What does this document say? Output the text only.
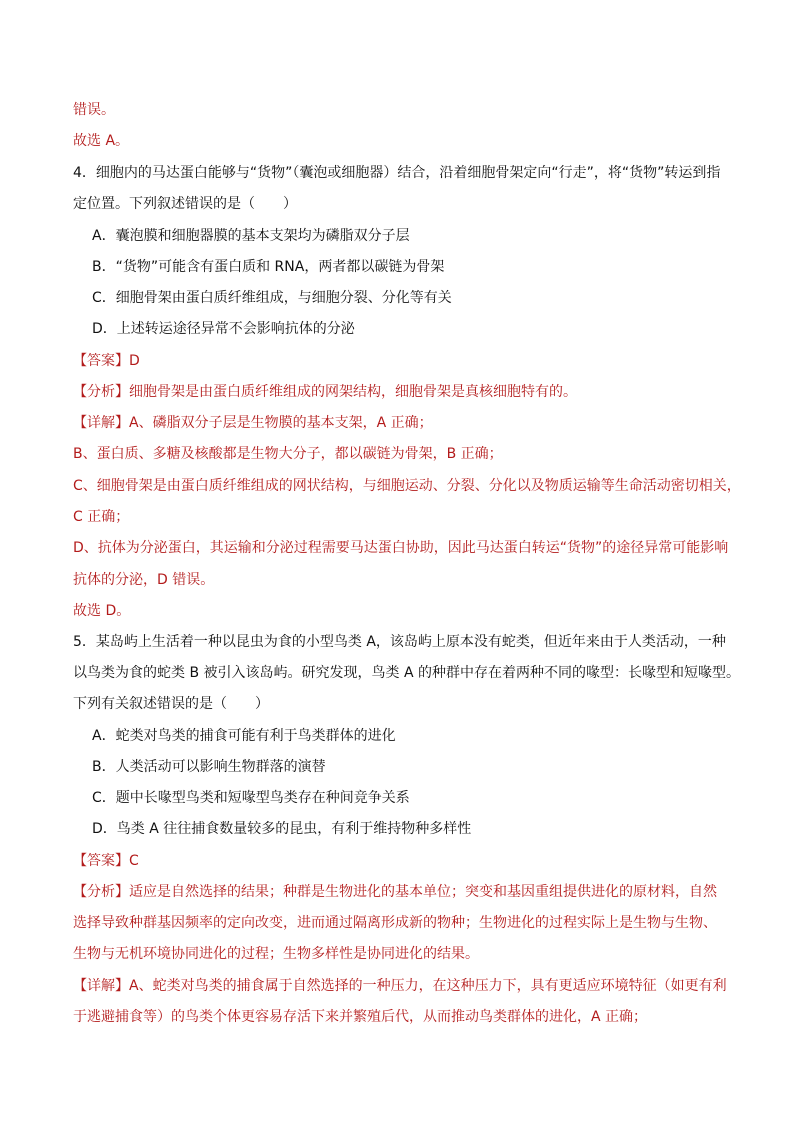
错误。
故选 A。
4．细胞内的马达蛋白能够与“货物”（囊泡或细胞器）结合，沿着细胞骨架定向“行走”，将“货物”转运到指
定位置。下列叙述错误的是（　　）
A．囊泡膜和细胞器膜的基本支架均为磷脂双分子层
B．“货物”可能含有蛋白质和 RNA，两者都以碳链为骨架
C．细胞骨架由蛋白质纤维组成，与细胞分裂、分化等有关
D．上述转运途径异常不会影响抗体的分泌
【答案】D
【分析】细胞骨架是由蛋白质纤维组成的网架结构，细胞骨架是真核细胞特有的。
【详解】A、磷脂双分子层是生物膜的基本支架，A 正确；
B、蛋白质、多糖及核酸都是生物大分子，都以碳链为骨架，B 正确；
C、细胞骨架是由蛋白质纤维组成的网状结构，与细胞运动、分裂、分化以及物质运输等生命活动密切相关，
C 正确；
D、抗体为分泌蛋白，其运输和分泌过程需要马达蛋白协助，因此马达蛋白转运“货物”的途径异常可能影响
抗体的分泌，D 错误。
故选 D。
5．某岛屿上生活着一种以昆虫为食的小型鸟类 A，该岛屿上原本没有蛇类，但近年来由于人类活动，一种
以鸟类为食的蛇类 B 被引入该岛屿。研究发现，鸟类 A 的种群中存在着两种不同的喙型：长喙型和短喙型。
下列有关叙述错误的是（　　）
A．蛇类对鸟类的捕食可能有利于鸟类群体的进化
B．人类活动可以影响生物群落的演替
C．题中长喙型鸟类和短喙型鸟类存在种间竞争关系
D．鸟类 A 往往捕食数量较多的昆虫，有利于维持物种多样性
【答案】C
【分析】适应是自然选择的结果；种群是生物进化的基本单位；突变和基因重组提供进化的原材料，自然
选择导致种群基因频率的定向改变，进而通过隔离形成新的物种；生物进化的过程实际上是生物与生物、
生物与无机环境协同进化的过程；生物多样性是协同进化的结果。
【详解】A、蛇类对鸟类的捕食属于自然选择的一种压力，在这种压力下，具有更适应环境特征（如更有利
于逃避捕食等）的鸟类个体更容易存活下来并繁殖后代，从而推动鸟类群体的进化，A 正确；
